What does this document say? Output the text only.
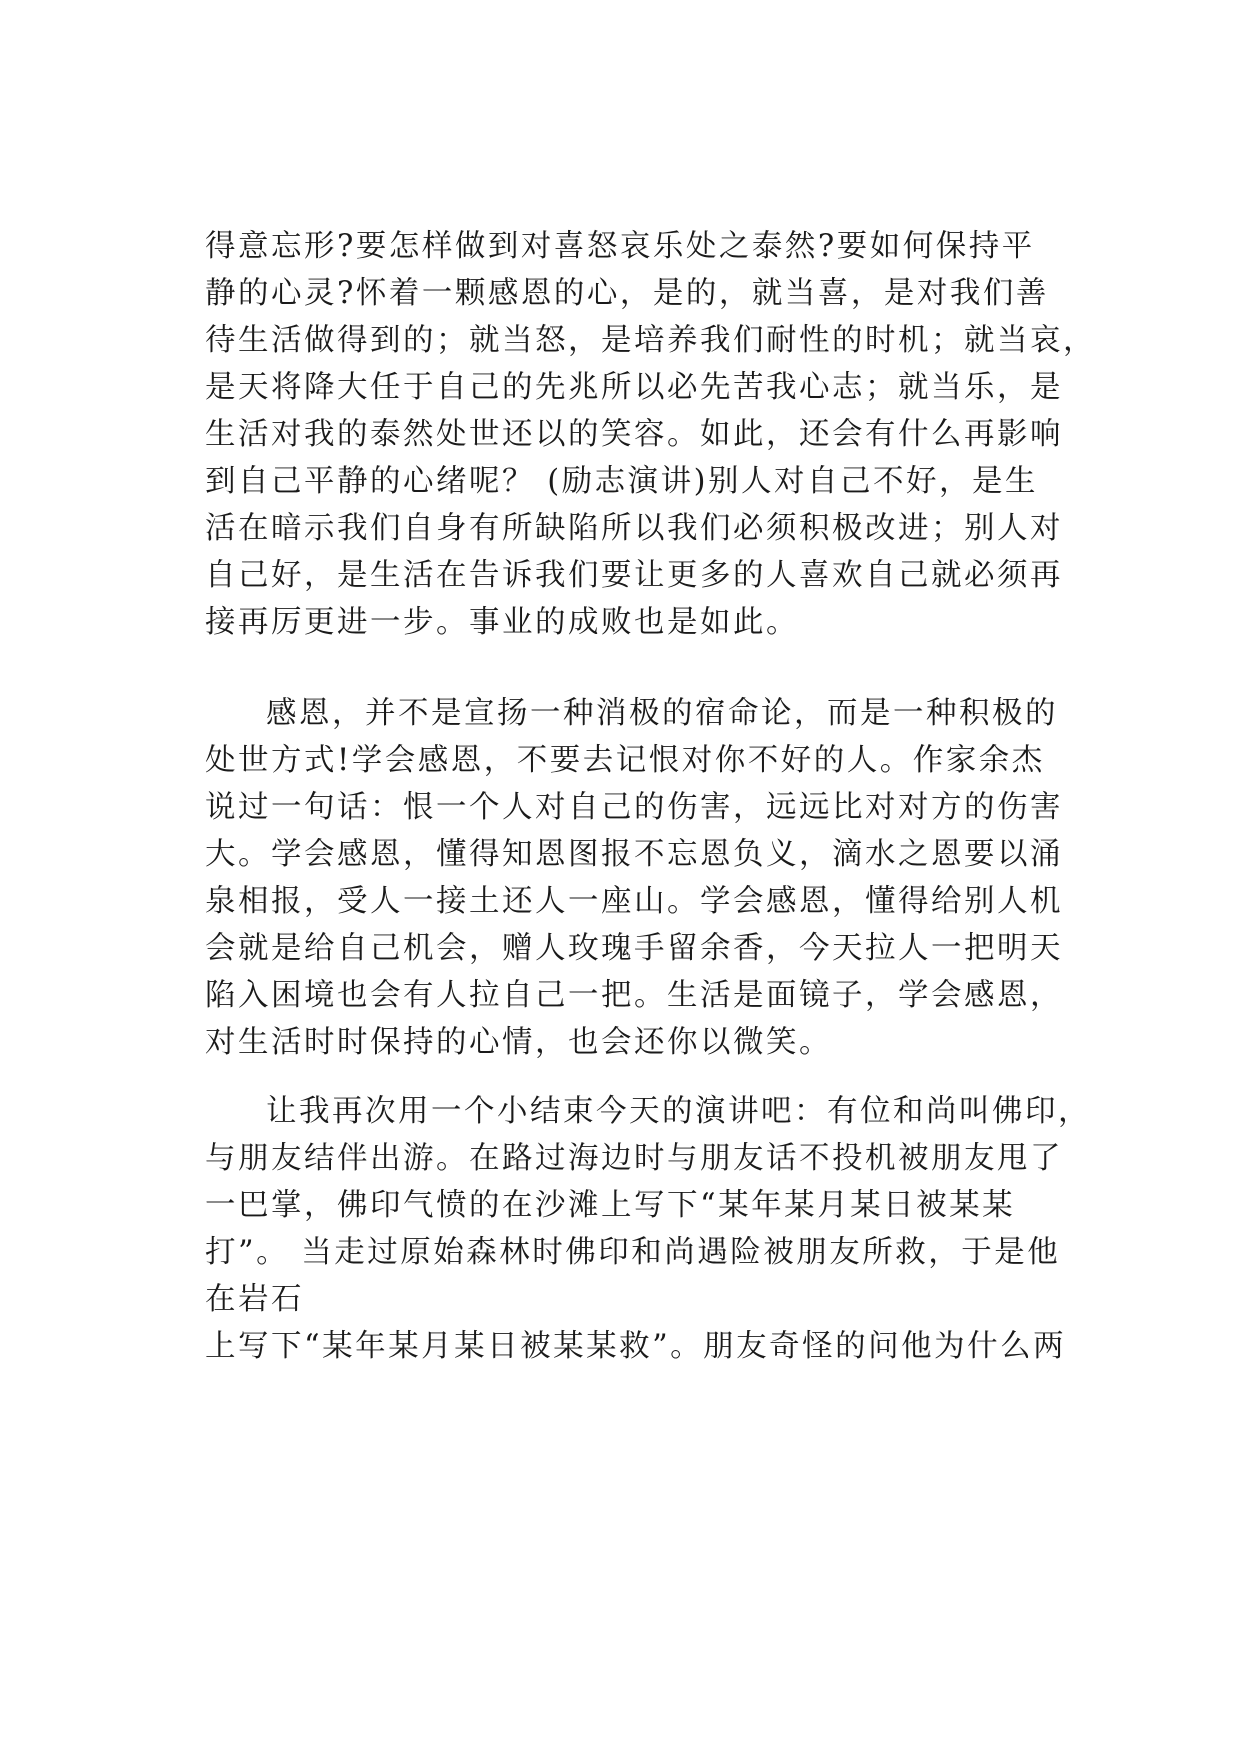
得意忘形?要怎样做到对喜怒哀乐处之泰然?要如何保持平
静的心灵?怀着一颗感恩的心，是的，就当喜，是对我们善
待生活做得到的；就当怒，是培养我们耐性的时机；就当哀，
是天将降大任于自己的先兆所以必先苦我心志；就当乐，是
生活对我的泰然处世还以的笑容。如此，还会有什么再影响
到自己平静的心绪呢？ (励志演讲)别人对自己不好，是生
活在暗示我们自身有所缺陷所以我们必须积极改进；别人对
自己好，是生活在告诉我们要让更多的人喜欢自己就必须再
接再厉更进一步。事业的成败也是如此。
感恩，并不是宣扬一种消极的宿命论，而是一种积极的
处世方式!学会感恩，不要去记恨对你不好的人。作家余杰
说过一句话：恨一个人对自己的伤害，远远比对对方的伤害
大。学会感恩，懂得知恩图报不忘恩负义，滴水之恩要以涌
泉相报，受人一接土还人一座山。学会感恩，懂得给别人机
会就是给自己机会，赠人玫瑰手留余香，今天拉人一把明天
陷入困境也会有人拉自己一把。生活是面镜子，学会感恩，
对生活时时保持的心情，也会还你以微笑。
让我再次用一个小结束今天的演讲吧：有位和尚叫佛印，
与朋友结伴出游。在路过海边时与朋友话不投机被朋友甩了
一巴掌，佛印气愤的在沙滩上写下“某年某月某日被某某
打”。 当走过原始森林时佛印和尚遇险被朋友所救，于是他
在岩石
上写下“某年某月某日被某某救”。朋友奇怪的问他为什么两
